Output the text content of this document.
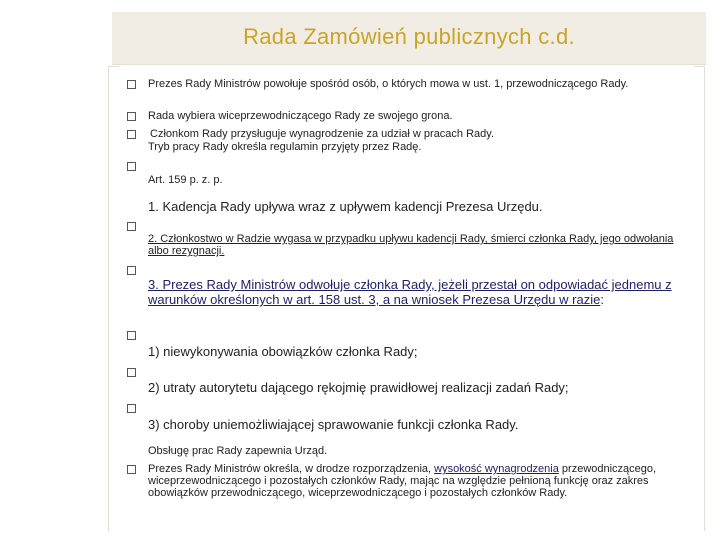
Rada Zamówień publicznych c.d.
Prezes Rady Ministrów powołuje spośród osób, o których mowa w ust. 1, przewodniczącego Rady.
Rada wybiera wiceprzewodniczącego Rady ze swojego grona.
Członkom Rady przysługuje wynagrodzenie za udział w pracach Rady.
Tryb pracy Rady określa regulamin przyjęty przez Radę.
Art. 159 p. z. p.
1. Kadencja Rady upływa wraz z upływem kadencji Prezesa Urzędu.
2. Członkostwo w Radzie wygasa w przypadku upływu kadencji Rady, śmierci członka Rady, jego odwołania albo rezygnacji.
3. Prezes Rady Ministrów odwołuje członka Rady, jeżeli przestał on odpowiadać jednemu z warunków określonych w art. 158 ust. 3, a na wniosek Prezesa Urzędu w razie:
1) niewykonywania obowiązków członka Rady;
2) utraty autorytetu dającego rękojmię prawidłowej realizacji zadań Rady;
3) choroby uniemożliwiającej sprawowanie funkcji członka Rady.
Obsługę prac Rady zapewnia Urząd.
Prezes Rady Ministrów określa, w drodze rozporządzenia, wysokość wynagrodzenia przewodniczącego, wiceprzewodniczącego i pozostałych członków Rady, mając na względzie pełnioną funkcję oraz zakres obowiązków przewodniczącego, wiceprzewodniczącego i pozostałych członków Rady.
